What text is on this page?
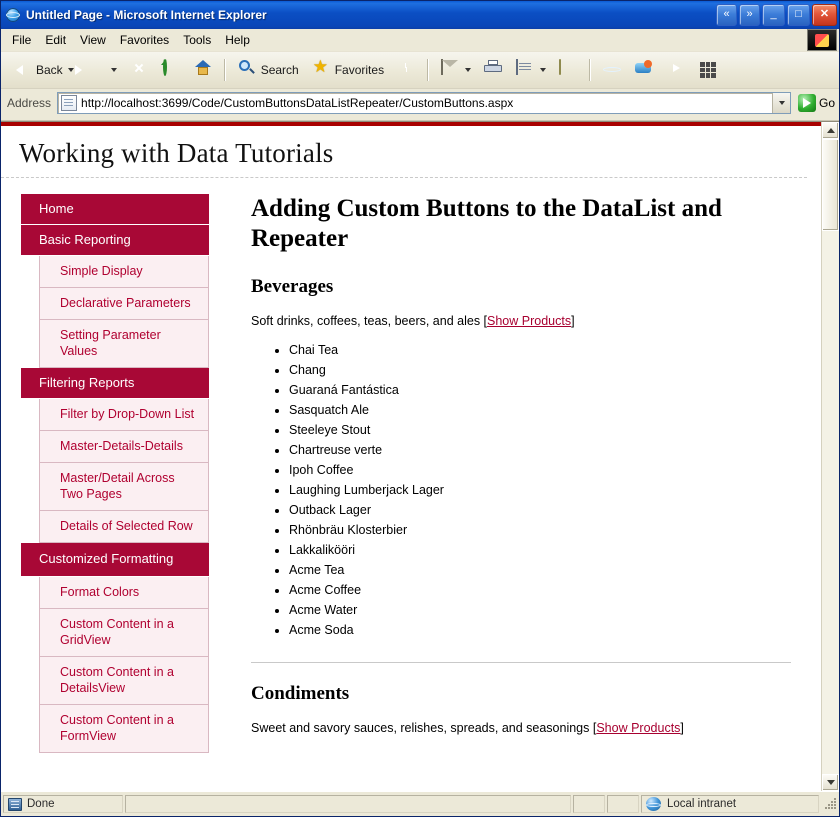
Untitled Page - Microsoft Internet Explorer	«	»	_	□	✕
File	Edit	View	Favorites	Tools	Help
Back	Search ★ Favorites
Address	http://localhost:3699/Code/CustomButtonsDataListRepeater/CustomButtons.aspx	Go
Working with Data Tutorials
Home
Basic Reporting
Simple Display
Declarative Parameters
Setting Parameter Values
Filtering Reports
Filter by Drop-Down List
Master-Details-Details
Master/Detail Across Two Pages
Details of Selected Row
Customized Formatting
Format Colors
Custom Content in a GridView
Custom Content in a DetailsView
Custom Content in a FormView
Adding Custom Buttons to the DataList and Repeater
Beverages

Soft drinks, coffees, teas, beers, and ales [Show Products]

• Chai Tea
• Chang
• Guaraná Fantástica
• Sasquatch Ale
• Steeleye Stout
• Chartreuse verte
• Ipoh Coffee
• Laughing Lumberjack Lager
• Outback Lager
• Rhönbräu Klosterbier
• Lakkalikööri
• Acme Tea
• Acme Coffee
• Acme Water
• Acme Soda
Condiments

Sweet and savory sauces, relishes, spreads, and seasonings [Show Products]

Done	Local intranet
